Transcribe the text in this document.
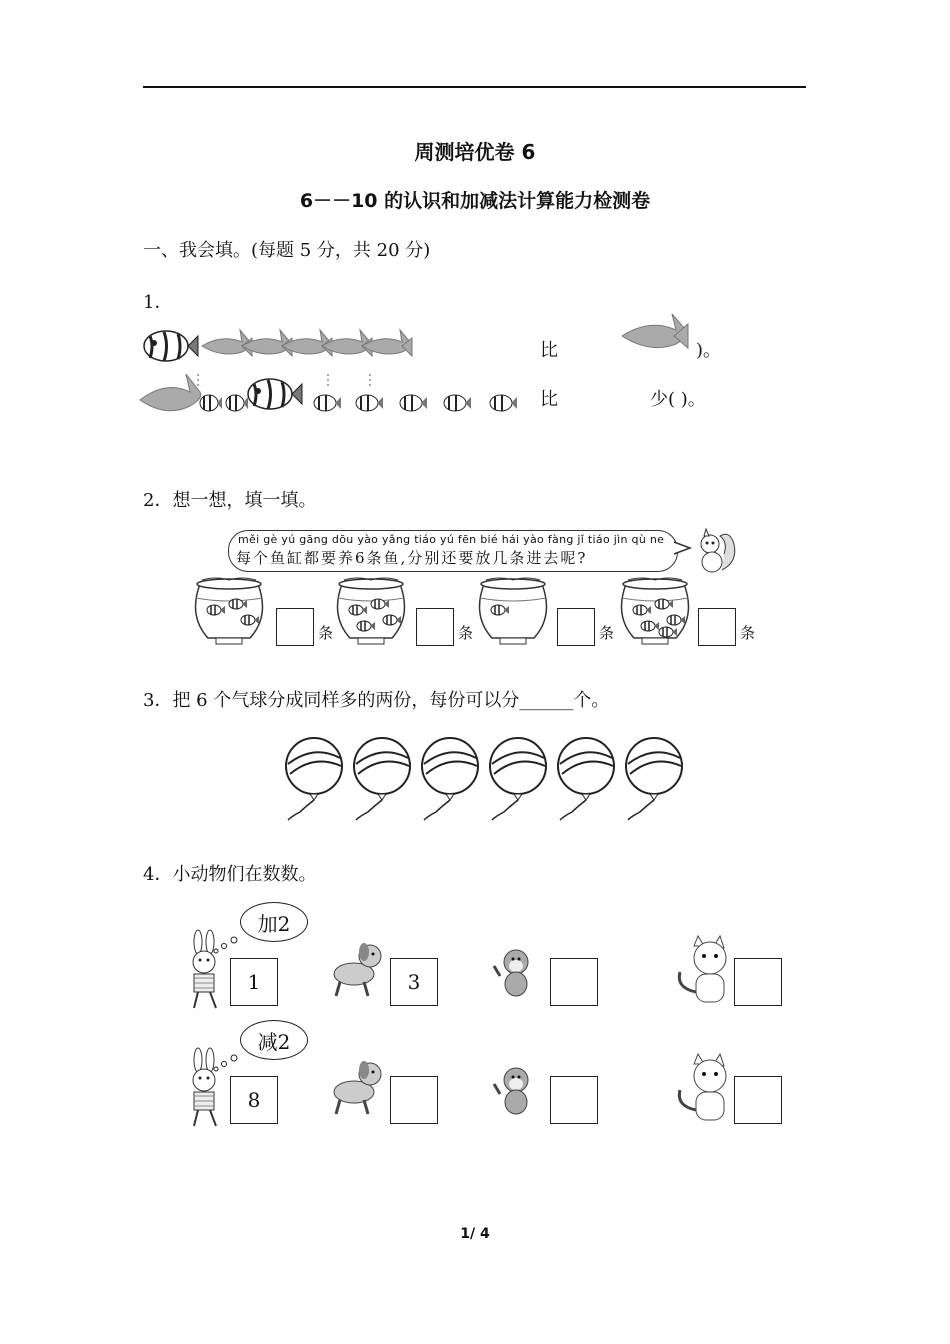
周测培优卷 6
6－－10 的认识和加减法计算能力检测卷
一、我会填。(每题 5 分，共 20 分)
1．
比	)。
比	少( )。
2．想一想，填一填。
měi gè yú gāng dōu yào yǎng tiáo yú fēn bié hái yào fàng jǐ tiáo jìn qù ne
每个鱼缸都要养6条鱼,分别还要放几条进去呢?
条	条	条	条
3．把 6 个气球分成同样多的两份，每份可以分______个。
4．小动物们在数数。
加2
1	3
减2
8
1/ 4
